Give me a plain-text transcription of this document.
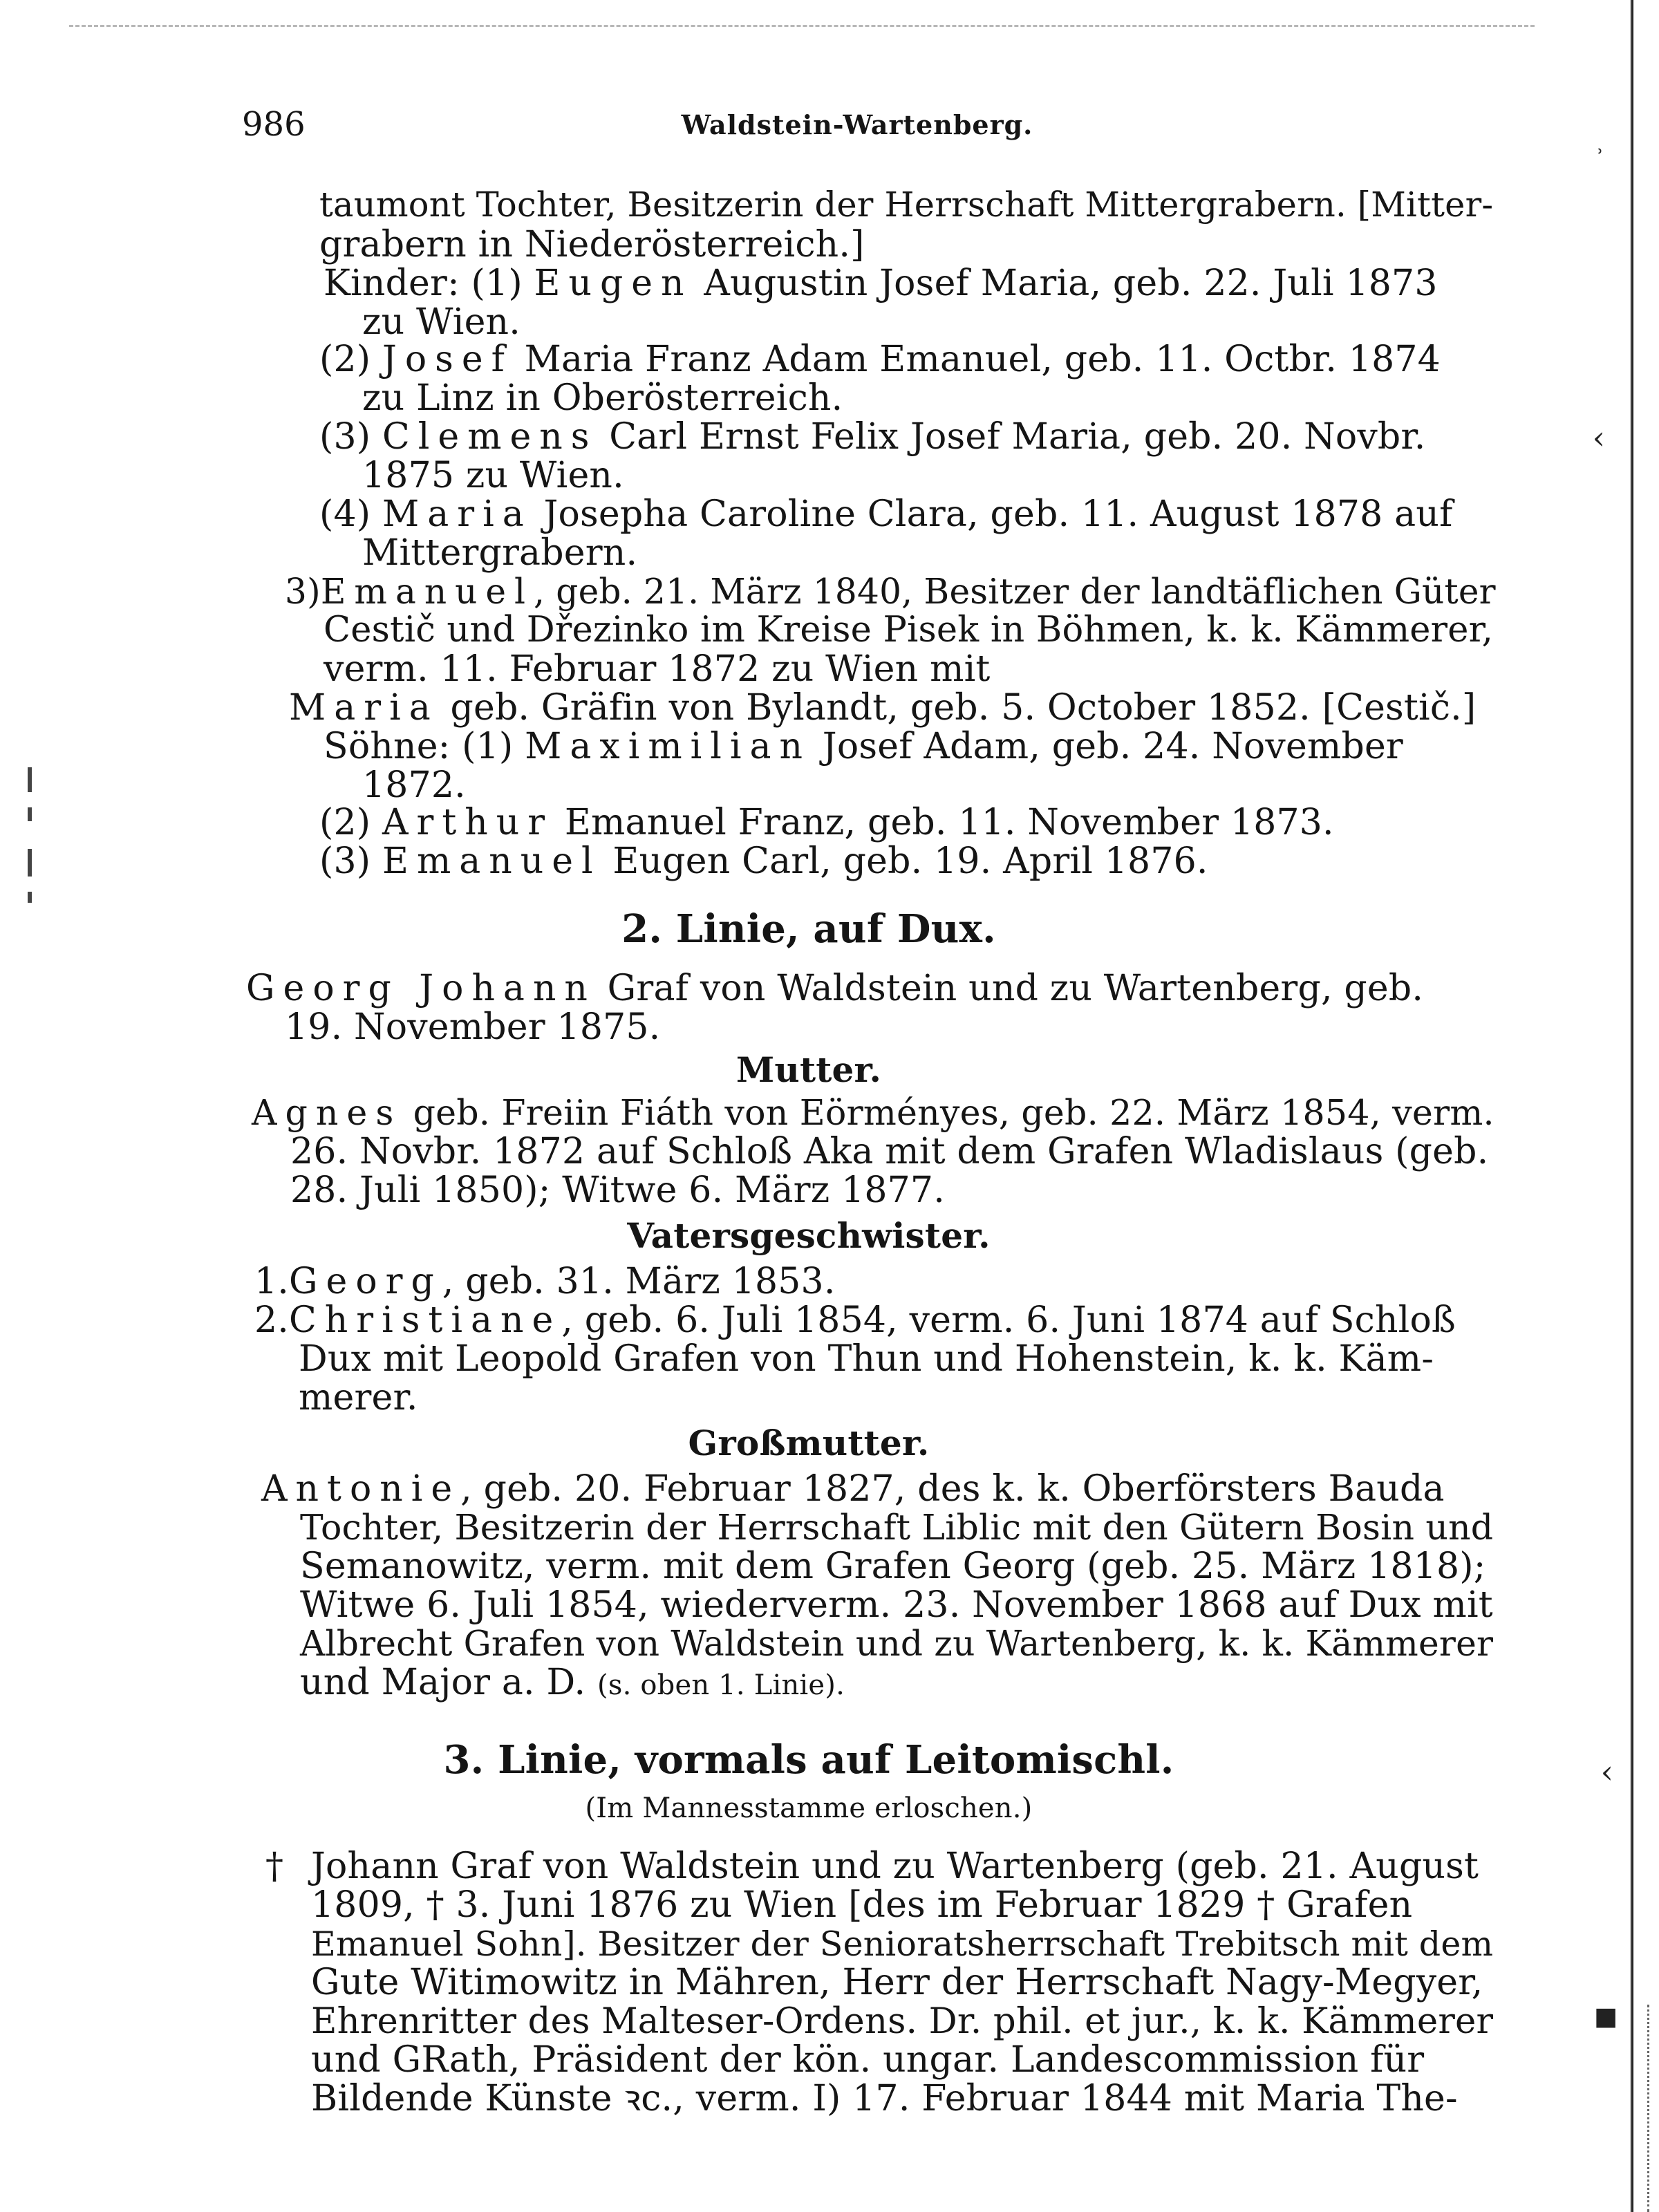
˒
‹
‹
■
986	Waldstein-Wartenberg.
taumont Tochter, Besitzerin der Herrschaft Mittergrabern. [Mitter-
grabern in Niederösterreich.]
Kinder: (1) Eugen Augustin Josef Maria, geb. 22. Juli 1873
zu Wien.
(2) Josef Maria Franz Adam Emanuel, geb. 11. Octbr. 1874
zu Linz in Oberösterreich.
(3) Clemens Carl Ernst Felix Josef Maria, geb. 20. Novbr.
1875 zu Wien.
(4) Maria Josepha Caroline Clara, geb. 11. August 1878 auf
Mittergrabern.
3)Emanuel, geb. 21. März 1840, Besitzer der landtäflichen Güter
Cestič und Dřezinko im Kreise Pisek in Böhmen, k. k. Kämmerer,
verm. 11. Februar 1872 zu Wien mit
Maria geb. Gräfin von Bylandt, geb. 5. October 1852. [Cestič.]
Söhne: (1) Maximilian Josef Adam, geb. 24. November
1872.
(2) Arthur Emanuel Franz, geb. 11. November 1873.
(3) Emanuel Eugen Carl, geb. 19. April 1876.
2. Linie, auf Dux.
Georg Johann Graf von Waldstein und zu Wartenberg, geb.
19. November 1875.
Mutter.
Agnes geb. Freiin Fiáth von Eörményes, geb. 22. März 1854, verm.
26. Novbr. 1872 auf Schloß Aka mit dem Grafen Wladislaus (geb.
28. Juli 1850); Witwe 6. März 1877.
Vatersgeschwister.
1.Georg, geb. 31. März 1853.
2.Christiane, geb. 6. Juli 1854, verm. 6. Juni 1874 auf Schloß
Dux mit Leopold Grafen von Thun und Hohenstein, k. k. Käm-
merer.
Großmutter.
Antonie, geb. 20. Februar 1827, des k. k. Oberförsters Bauda
Tochter, Besitzerin der Herrschaft Liblic mit den Gütern Bosin und
Semanowitz, verm. mit dem Grafen Georg (geb. 25. März 1818);
Witwe 6. Juli 1854, wiederverm. 23. November 1868 auf Dux mit
Albrecht Grafen von Waldstein und zu Wartenberg, k. k. Kämmerer
und Major a. D. (s. oben 1. Linie).
3. Linie, vormals auf Leitomischl.
(Im Mannesstamme erloschen.)
† Johann Graf von Waldstein und zu Wartenberg (geb. 21. August
1809, † 3. Juni 1876 zu Wien [des im Februar 1829 † Grafen
Emanuel Sohn]. Besitzer der Senioratsherrschaft Trebitsch mit dem
Gute Witimowitz in Mähren, Herr der Herrschaft Nagy-Megyer,
Ehrenritter des Malteser-Ordens. Dr. phil. et jur., k. k. Kämmerer
und GRath, Präsident der kön. ungar. Landescommission für
Bildende Künste ꝛc., verm. I) 17. Februar 1844 mit Maria The-
